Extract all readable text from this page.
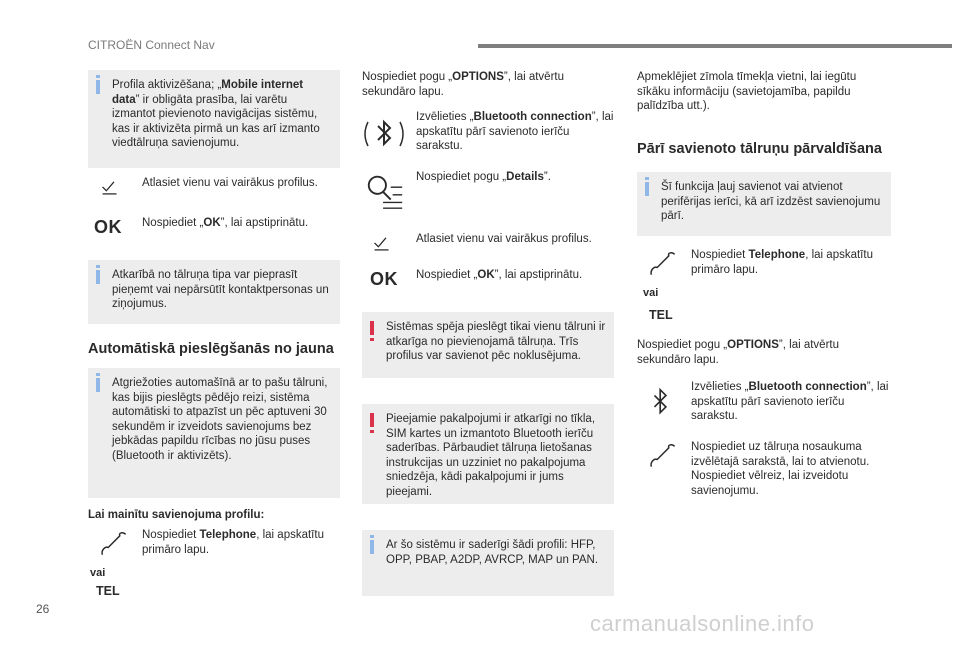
CITROËN Connect Nav
26
carmanualsonline.info
Profila aktivizēšana; „Mobile internet data” ir obligāta prasība, lai varētu izmantot pievienoto navigācijas sistēmu, kas ir aktivizēta pirmā un kas arī izmanto viedtālruņa savienojumu.
Atlasiet vienu vai vairākus profilus.
OK Nospiediet „OK”, lai apstiprinātu.
Atkarībā no tālruņa tipa var pieprasīt pieņemt vai nepārsūtīt kontaktpersonas un ziņojumus.
Automātiskā pieslēgšanās no jauna
Atgriežoties automašīnā ar to pašu tālruni, kas bijis pieslēgts pēdējo reizi, sistēma automātiski to atpazīst un pēc aptuveni 30 sekundēm ir izveidots savienojums bez jebkādas papildu rīcības no jūsu puses (Bluetooth ir aktivizēts).
Lai mainītu savienojuma profilu:
vai
TEL
Nospiediet Telephone, lai apskatītu primāro lapu.
Nospiediet pogu „OPTIONS”, lai atvērtu sekundāro lapu.
Izvēlieties „Bluetooth connection”, lai apskatītu pārī savienoto ierīču sarakstu.
Nospiediet pogu „Details”.
Atlasiet vienu vai vairākus profilus.
OK Nospiediet „OK”, lai apstiprinātu.
Sistēmas spēja pieslēgt tikai vienu tālruni ir atkarīga no pievienojamā tālruņa. Trīs profilus var savienot pēc noklusējuma.
Pieejamie pakalpojumi ir atkarīgi no tīkla, SIM kartes un izmantoto Bluetooth ierīču saderības. Pārbaudiet tālruņa lietošanas instrukcijas un uzziniet no pakalpojuma sniedzēja, kādi pakalpojumi ir jums pieejami.
Ar šo sistēmu ir saderīgi šādi profili: HFP, OPP, PBAP, A2DP, AVRCP, MAP un PAN.
Apmeklējiet zīmola tīmekļa vietni, lai iegūtu sīkāku informāciju (savietojamība, papildu palīdzība utt.).
Pārī savienoto tālruņu pārvaldīšana
Šī funkcija ļauj savienot vai atvienot perifērijas ierīci, kā arī izdzēst savienojumu pārī.
vai
TEL
Nospiediet Telephone, lai apskatītu primāro lapu.
Nospiediet pogu „OPTIONS”, lai atvērtu sekundāro lapu.
Izvēlieties „Bluetooth connection”, lai apskatītu pārī savienoto ierīču sarakstu.
Nospiediet uz tālruņa nosaukuma izvēlētajā sarakstā, lai to atvienotu. Nospiediet vēlreiz, lai izveidotu savienojumu.
